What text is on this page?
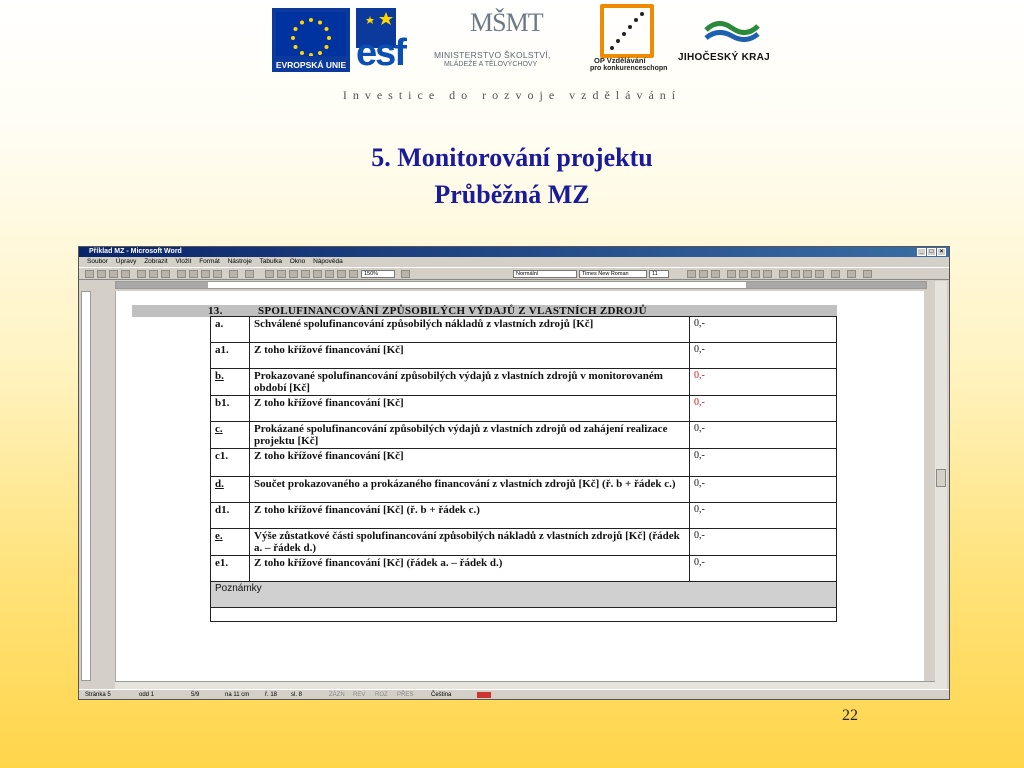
EVROPSKÁ UNIE esf
MŠMT
MINISTERSTVO ŠKOLSTVÍ,
MLÁDEŽE A TĚLOVÝCHOVY	OP Vzdělávání
pro konkurenceschopn
JIHOČESKÝ KRAJ
Investice do rozvoje vzdělávání
5. Monitorování projektu
Průběžná MZ
Příklad MZ - Microsoft Word	_	□	×
Soubor Úpravy Zobrazit Vložit Formát Nástroje Tabulka Okno Nápověda
150%	Normální	Times New Roman	11
Stránka 5	odd 1	5/9	na 11 cm	ř. 18 sl. 8	ZÁZN REV ROZ PŘES	Čeština
13.	SPOLUFINANCOVÁNÍ ZPŮSOBILÝCH VÝDAJŮ Z VLASTNÍCH ZDROJŮ
a.	Schválené spolufinancování způsobilých nákladů z vlastních zdrojů [Kč]	0,-
a1.	Z toho křížové financování [Kč]	0,-
b.	Prokazované spolufinancování způsobilých výdajů z vlastních zdrojů v monitorovaném období [Kč]	0,-
b1.	Z toho křížové financování [Kč]	0,-
c.	Prokázané spolufinancování způsobilých výdajů z vlastních zdrojů od zahájení realizace projektu [Kč]	0,-
c1.	Z toho křížové financování [Kč]	0,-
d.	Součet prokazovaného a prokázaného financování z vlastních zdrojů [Kč] (ř. b + řádek c.)	0,-
d1.	Z toho křížové financování [Kč] (ř. b + řádek c.)	0,-
e.	Výše zůstatkové části spolufinancování způsobilých nákladů z vlastních zdrojů [Kč] (řádek a. – řádek d.)	0,-
e1.	Z toho křížové financování [Kč] (řádek a. – řádek d.)	0,-
Poznámky		

22
